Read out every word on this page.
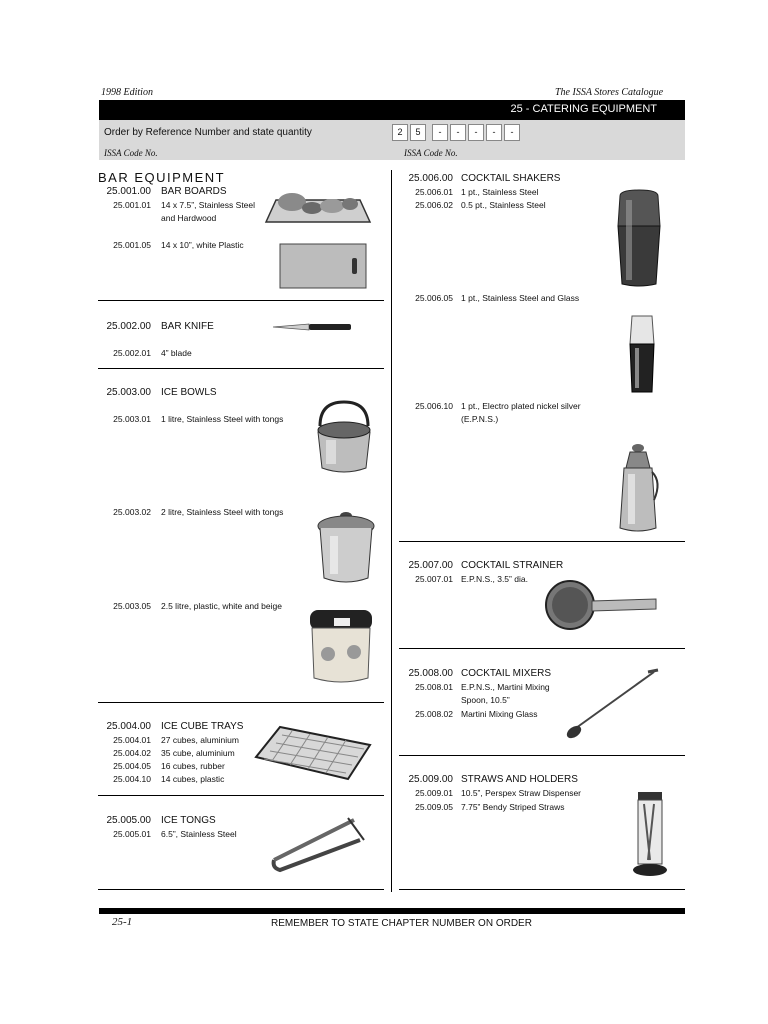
1998 Edition	The ISSA Stores Catalogue
25 - CATERING EQUIPMENT
Order by Reference Number and state quantity
ISSA Code No.	ISSA Code No.
2	5	-	-	-	-	-
BAR EQUIPMENT
25.001.00 BAR BOARDS
25.001.01 14 x 7.5”, Stainless Steel
and Hardwood
25.001.05 14 x 10”, white Plastic
25.002.00 BAR KNIFE
25.002.01 4” blade
25.003.00 ICE BOWLS
25.003.01 1 litre, Stainless Steel with tongs
25.003.02 2 litre, Stainless Steel with tongs
25.003.05 2.5 litre, plastic, white and beige
25.004.00 ICE CUBE TRAYS
25.004.01 27 cubes, aluminium
25.004.02 35 cube, aluminium
25.004.05 16 cubes, rubber
25.004.10 14 cubes, plastic
25.005.00 ICE TONGS
25.005.01 6.5”, Stainless Steel
25.006.00 COCKTAIL SHAKERS
25.006.01 1 pt., Stainless Steel
25.006.02 0.5 pt., Stainless Steel
25.006.05 1 pt., Stainless Steel and Glass
25.006.10 1 pt., Electro plated nickel silver
(E.P.N.S.)
25.007.00 COCKTAIL STRAINER
25.007.01 E.P.N.S., 3.5” dia.
25.008.00 COCKTAIL MIXERS
25.008.01 E.P.N.S., Martini Mixing
Spoon, 10.5”
25.008.02 Martini Mixing Glass
25.009.00 STRAWS AND HOLDERS
25.009.01 10.5”, Perspex Straw Dispenser
25.009.05 7.75” Bendy Striped Straws
25-1	REMEMBER TO STATE CHAPTER NUMBER ON ORDER
